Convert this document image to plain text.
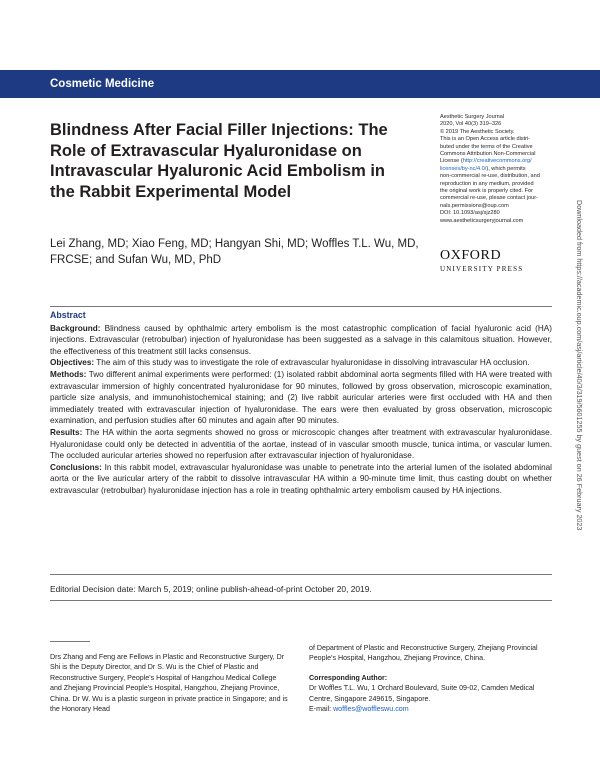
Cosmetic Medicine
Blindness After Facial Filler Injections: The Role of Extravascular Hyaluronidase on Intravascular Hyaluronic Acid Embolism in the Rabbit Experimental Model
Lei Zhang, MD; Xiao Feng, MD; Hangyan Shi, MD; Woffles T.L. Wu, MD,
FRCSE; and Sufan Wu, MD, PhD
Aesthetic Surgery Journal
2020, Vol 40(3) 319–326
© 2019 The Aesthetic Society.
This is an Open Access article distri-
buted under the terms of the Creative
Commons Attribution Non-Commercial
License (http://creativecommons.org/
licenses/by-nc/4.0/), which permits
non-commercial re-use, distribution, and
reproduction in any medium, provided
the original work is properly cited. For
commercial re-use, please contact jour-
nals.permissions@oup.com
DOI: 10.1093/asj/sjz280
www.aestheticsurgeryjournal.com
OXFORD
UNIVERSITY PRESS	Downloaded from https://academic.oup.com/asj/article/40/3/319/5601255 by guest on 26 February 2023
Abstract

Background: Blindness caused by ophthalmic artery embolism is the most catastrophic complication of facial hyaluronic acid (HA) injections. Extravascular (retrobulbar) injection of hyaluronidase has been suggested as a salvage in this calamitous situation. However, the effectiveness of this treatment still lacks consensus.

Objectives: The aim of this study was to investigate the role of extravascular hyaluronidase in dissolving intravascular HA occlusion.

Methods: Two different animal experiments were performed: (1) isolated rabbit abdominal aorta segments filled with HA were treated with extravascular immersion of highly concentrated hyaluronidase for 90 minutes, followed by gross observation, microscopic examination, particle size analysis, and immunohistochemical staining; and (2) live rabbit auricular arteries were first occluded with HA and then immediately treated with extravascular injection of hyaluronidase. The ears were then evaluated by gross observation, microscopic examination, and perfusion studies after 60 minutes and again after 90 minutes.

Results: The HA within the aorta segments showed no gross or microscopic changes after treatment with extravascular hyaluronidase. Hyaluronidase could only be detected in adventitia of the aortae, instead of in vascular smooth muscle, tunica intima, or vascular lumen. The occluded auricular arteries showed no reperfusion after extravascular injection of hyaluronidase.

Conclusions: In this rabbit model, extravascular hyaluronidase was unable to penetrate into the arterial lumen of the isolated abdominal aorta or the live auricular artery of the rabbit to dissolve intravascular HA within a 90-minute time limit, thus casting doubt on whether extravascular (retrobulbar) hyaluronidase injection has a role in treating ophthalmic artery embolism caused by HA injections.

Editorial Decision date: March 5, 2019; online publish-ahead-of-print October 20, 2019.
Drs Zhang and Feng are Fellows in Plastic and Reconstructive Surgery, Dr Shi is the Deputy Director, and Dr S. Wu is the Chief of Plastic and Reconstructive Surgery, People's Hospital of Hangzhou Medical College and Zhejiang Provincial People's Hospital, Hangzhou, Zhejiang Province, China. Dr W. Wu is a plastic surgeon in private practice in Singapore; and is the Honorary Head
of Department of Plastic and Reconstructive Surgery, Zhejiang Provincial People's Hospital, Hangzhou, Zhejiang Province, China.
Corresponding Author:
Dr Woffles T.L. Wu, 1 Orchard Boulevard, Suite 09-02, Camden Medical Centre, Singapore 249615, Singapore.
E-mail: woffles@woffleswu.com
